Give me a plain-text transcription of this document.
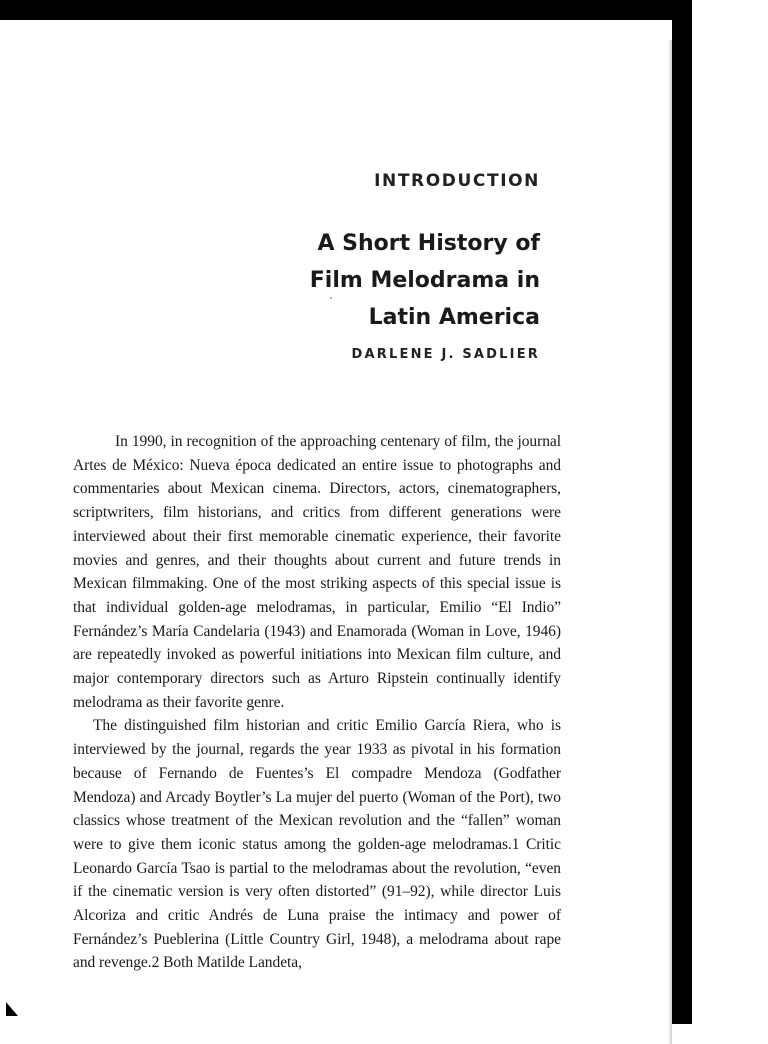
INTRODUCTION
A Short History of
Film Melodrama in
Latin America
DARLENE J. SADLIER

In 1990, in recognition of the approaching centenary of film, the journal Artes de México: Nueva época dedicated an entire issue to photographs and commentaries about Mexican cinema. Directors, actors, cinematographers, scriptwriters, film historians, and critics from different generations were interviewed about their first memorable cinematic experience, their favorite movies and genres, and their thoughts about current and future trends in Mexican filmmaking. One of the most striking aspects of this special issue is that individual golden-age melodramas, in particular, Emilio “El Indio” Fernández’s María Candelaria (1943) and Enamorada (Woman in Love, 1946) are repeatedly invoked as powerful initiations into Mexican film culture, and major contemporary directors such as Arturo Ripstein continually identify melodrama as their favorite genre.

The distinguished film historian and critic Emilio García Riera, who is interviewed by the journal, regards the year 1933 as pivotal in his formation because of Fernando de Fuentes’s El compadre Mendoza (Godfather Mendoza) and Arcady Boytler’s La mujer del puerto (Woman of the Port), two classics whose treatment of the Mexican revolution and the “fallen” woman were to give them iconic status among the golden-age melodramas.1 Critic Leonardo García Tsao is partial to the melodramas about the revolution, “even if the cinematic version is very often distorted” (91–92), while director Luis Alcoriza and critic Andrés de Luna praise the intimacy and power of Fernández’s Pueblerina (Little Country Girl, 1948), a melodrama about rape and revenge.2 Both Matilde Landeta,
